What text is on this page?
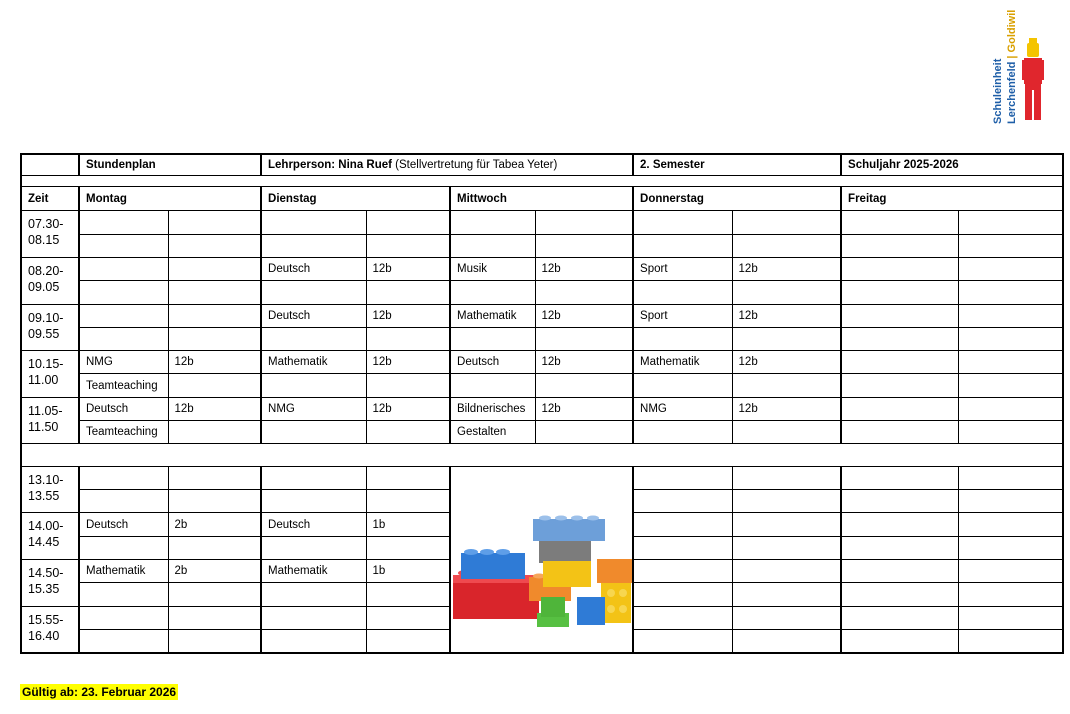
Schuleinheit Lerchenfeld | Goldiwil
	Stundenplan		Lehrperson: Nina Ruef (Stellvertretung für Tabea Yeter)				2. Semester		Schuljahr 2025-2026	

Zeit	Montag		Dienstag		Mittwoch		Donnerstag		Freitag	
07.30-
08.15										

08.20-
09.05			Deutsch	12b	Musik	12b	Sport	12b		

09.10-
09.55			Deutsch	12b	Mathematik	12b	Sport	12b		

10.15-
11.00	NMG	12b	Mathematik	12b	Deutsch	12b	Mathematik	12b		
	Teamteaching									
11.05-
11.50	Deutsch	12b	NMG	12b	Bildnerisches	12b	NMG	12b		
	Teamteaching				Gestalten					

13.10-
13.55					

14.00-
14.45	Deutsch	2b	Deutsch	1b						

14.50-
15.35	Mathematik	2b	Mathematik	1b						

15.55-
16.40										

Gültig ab: 23. Februar 2026
